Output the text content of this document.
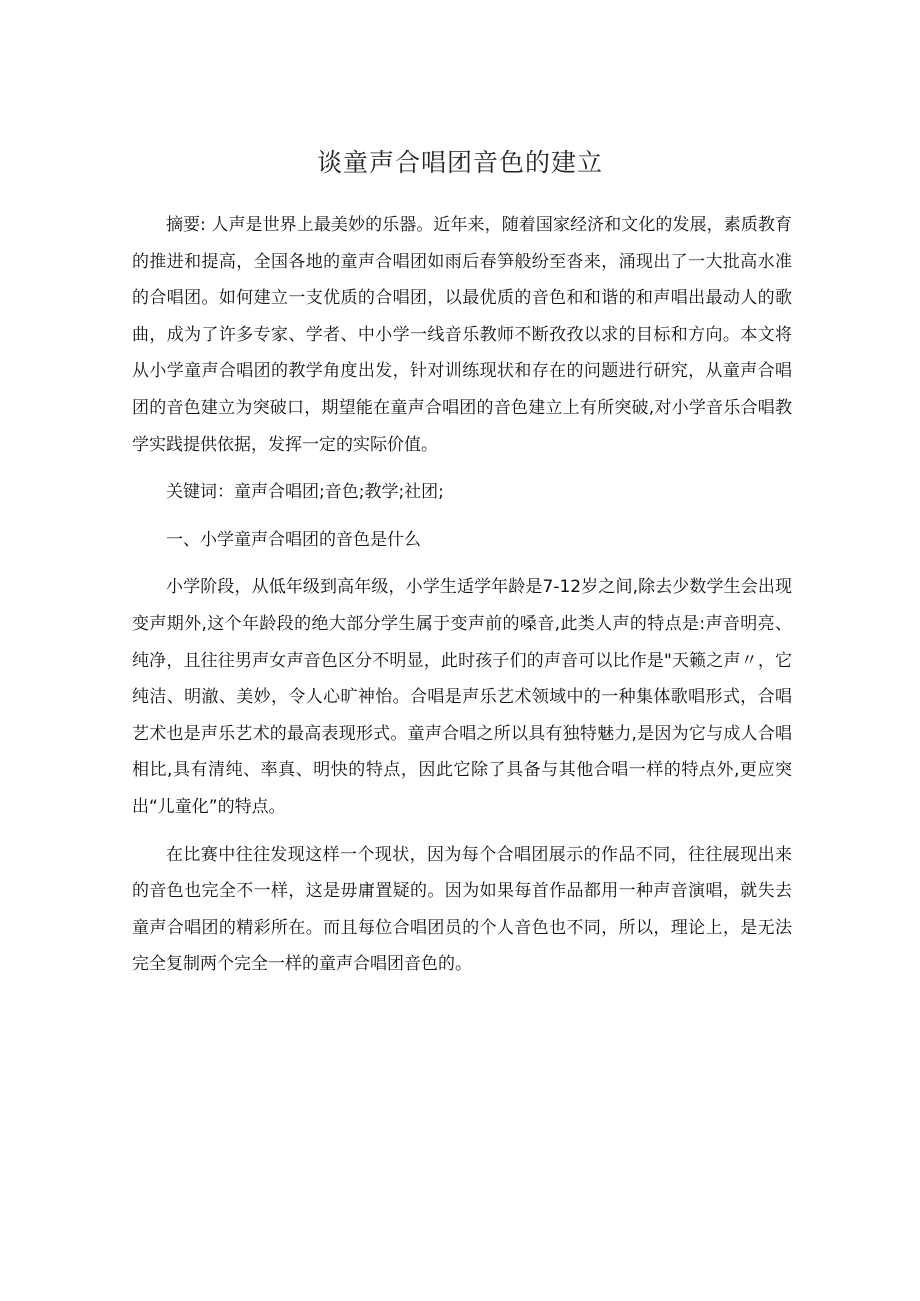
谈童声合唱团音色的建立

摘要: 人声是世界上最美妙的乐器。近年来，随着国家经济和文化的发展，素质教育的推进和提高，全国各地的童声合唱团如雨后春笋般纷至沓来，涌现出了一大批高水准的合唱团。如何建立一支优质的合唱团，以最优质的音色和和谐的和声唱出最动人的歌曲，成为了许多专家、学者、中小学一线音乐教师不断孜孜以求的目标和方向。本文将从小学童声合唱团的教学角度出发，针对训练现状和存在的问题进行研究，从童声合唱团的音色建立为突破口，期望能在童声合唱团的音色建立上有所突破,对小学音乐合唱教学实践提供依据，发挥一定的实际价值。

关键词：童声合唱团;音色;教学;社团;

一、小学童声合唱团的音色是什么

小学阶段，从低年级到高年级，小学生适学年龄是7-12岁之间,除去少数学生会出现变声期外,这个年龄段的绝大部分学生属于变声前的嗓音,此类人声的特点是:声音明亮、纯净，且往往男声女声音色区分不明显，此时孩子们的声音可以比作是"天籁之声〃，它纯洁、明澈、美妙，令人心旷神怡。合唱是声乐艺术领域中的一种集体歌唱形式，合唱艺术也是声乐艺术的最高表现形式。童声合唱之所以具有独特魅力,是因为它与成人合唱相比,具有清纯、率真、明快的特点，因此它除了具备与其他合唱一样的特点外,更应突出“儿童化”的特点。

在比赛中往往发现这样一个现状，因为每个合唱团展示的作品不同，往往展现出来的音色也完全不一样，这是毋庸置疑的。因为如果每首作品都用一种声音演唱，就失去童声合唱团的精彩所在。而且每位合唱团员的个人音色也不同，所以，理论上，是无法完全复制两个完全一样的童声合唱团音色的。
